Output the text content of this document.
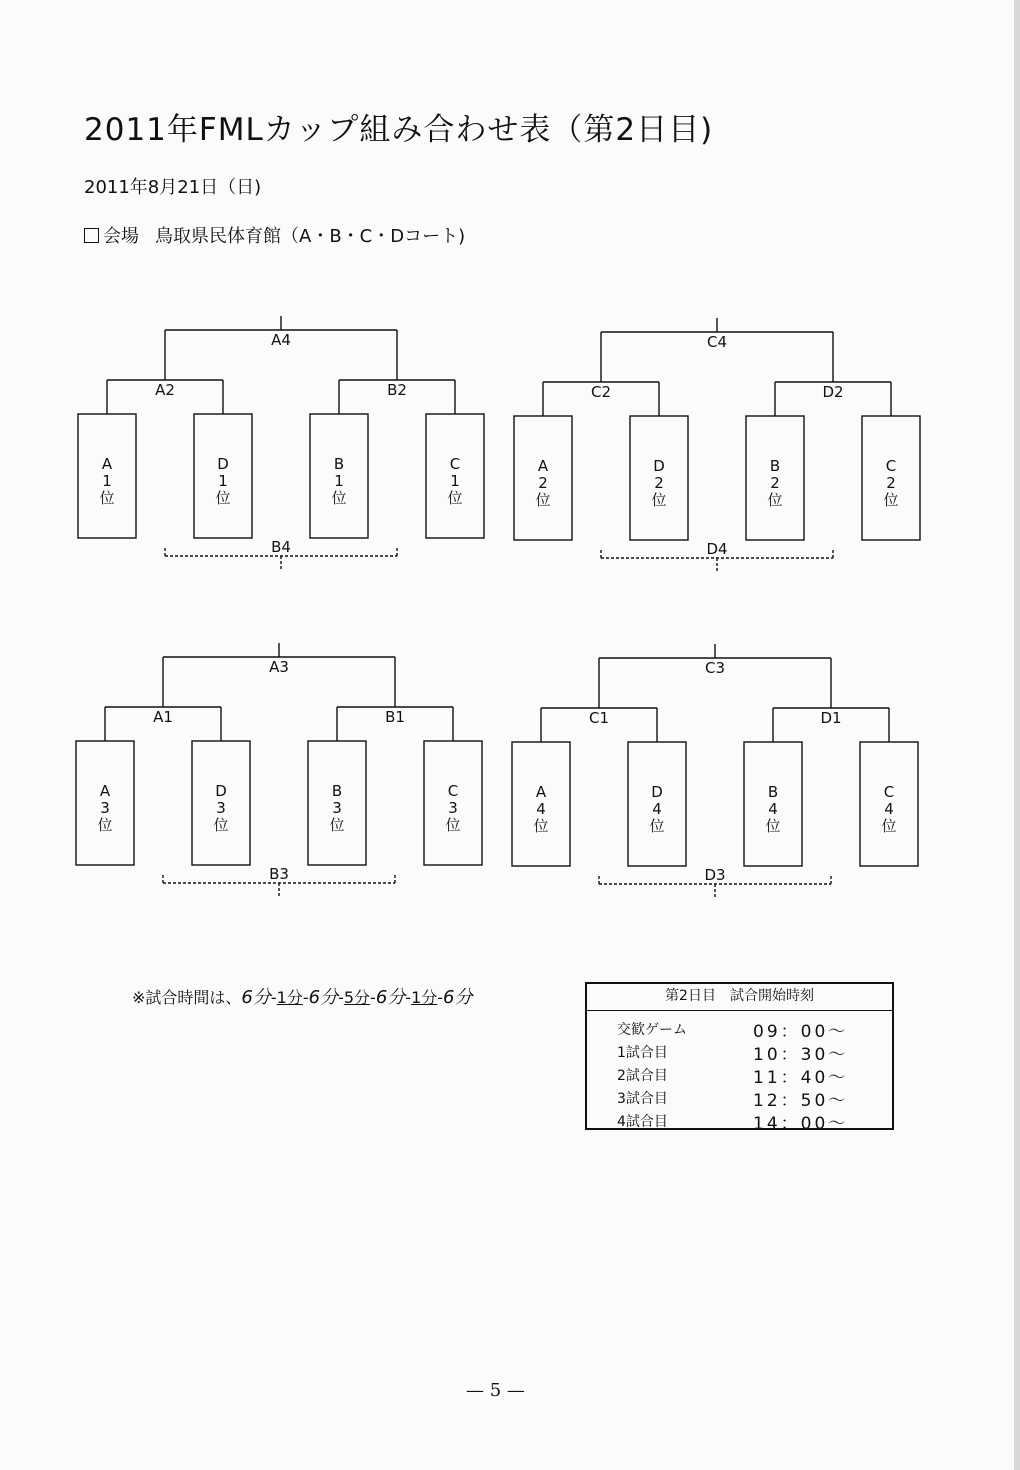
2011年FMLカップ組み合わせ表（第2日目)
2011年8月21日（日)
会場 鳥取県民体育館（A・B・C・Dコート)
A4
A2	B2
A
1
位
D
1
位
B
1
位
C
1
位
B4
C4
C2	D2
A
2
位
D
2
位
B
2
位
C
2
位
D4
A3
A1	B1
A
3
位
D
3
位
B
3
位
C
3
位
B3
C3
C1	D1
A
4
位
D
4
位
B
4
位
C
4
位
D3
※試合時間は、6分-1分-6分-5分-6分-1分-6分	第2日目　試合開始時刻
交歓ゲーム	09：00～
1試合目	10：30～
2試合目	11：40～
3試合目	12：50～
4試合目	14：00～
— 5 —
